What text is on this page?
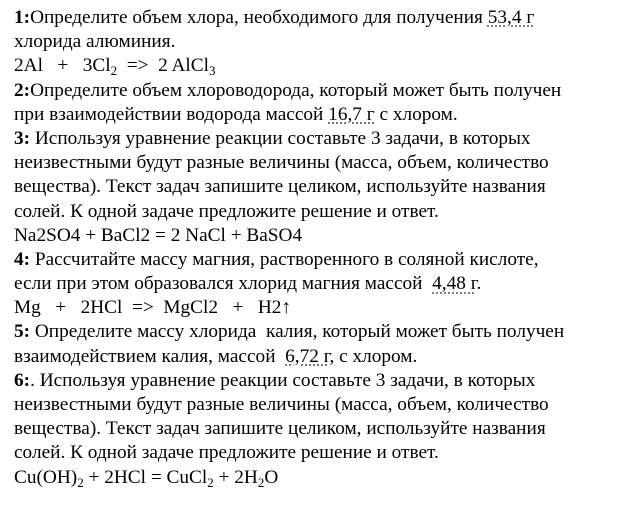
1:Определите объем хлора, необходимого для получения 53,4 г
хлорида алюминия.
$2Al + 3Cl_2 => 2$ AlCl$_3$
2:Определите объем хлороводорода, который может быть получен
при взаимодействии водорода массой 16,7 г с хлором.
3: Используя уравнение реакции составьте 3 задачи, в которых
неизвестными будут разные величины (масса, объем, количество
вещества). Текст задач запишите целиком, используйте названия
солей. К одной задаче предложите решение и ответ.
Na2SO4 + BaCl2 = 2 NaCl + BaSO4
4: Рассчитайте массу магния, растворенного в соляной кислоте,
если при этом образовался хлорид магния массой  4,48 г.
Mg   +   2HCl  =>  MgCl2   +   H2↑
5: Определите массу хлорида  калия, который может быть получен
взаимодействием калия, массой  6,72 г, с хлором.
6:. Используя уравнение реакции составьте 3 задачи, в которых
неизвестными будут разные величины (масса, объем, количество
вещества). Текст задач запишите целиком, используйте названия
солей. К одной задаче предложите решение и ответ.
$Cu(OH)_2 + 2HCl$ = CuCl$_2$ + $2H_2O$
